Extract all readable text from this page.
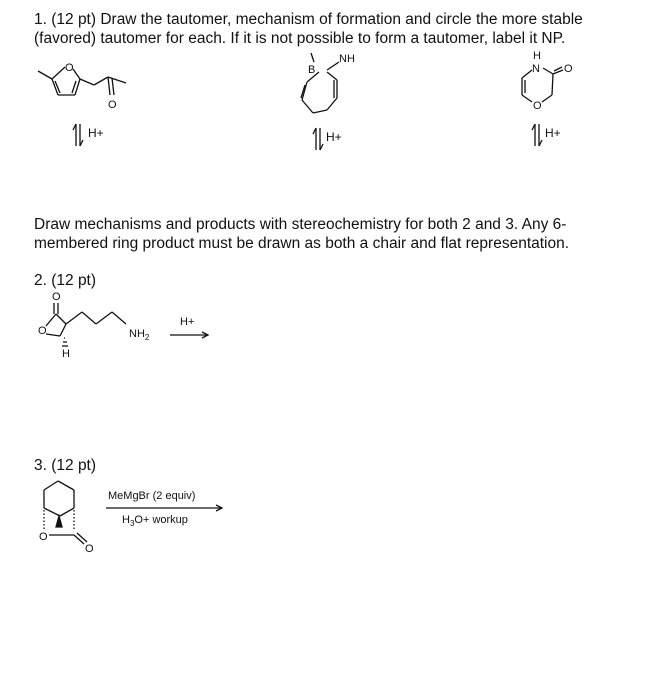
1. (12 pt) Draw the tautomer, mechanism of formation and circle the more stable
(favored) tautomer for each. If it is not possible to form a tautomer, label it NP.
O
O
B
NH	H
N O
O
H+	H+	H+
Draw mechanisms and products with stereochemistry for both 2 and 3. Any 6-
membered ring product must be drawn as both a chair and flat representation.
2. (12 pt)
O
O
H
$NH_2$
H+
3. (12 pt)
O
O
MeMgBr (2 equiv)
$H_3O+$ workup
